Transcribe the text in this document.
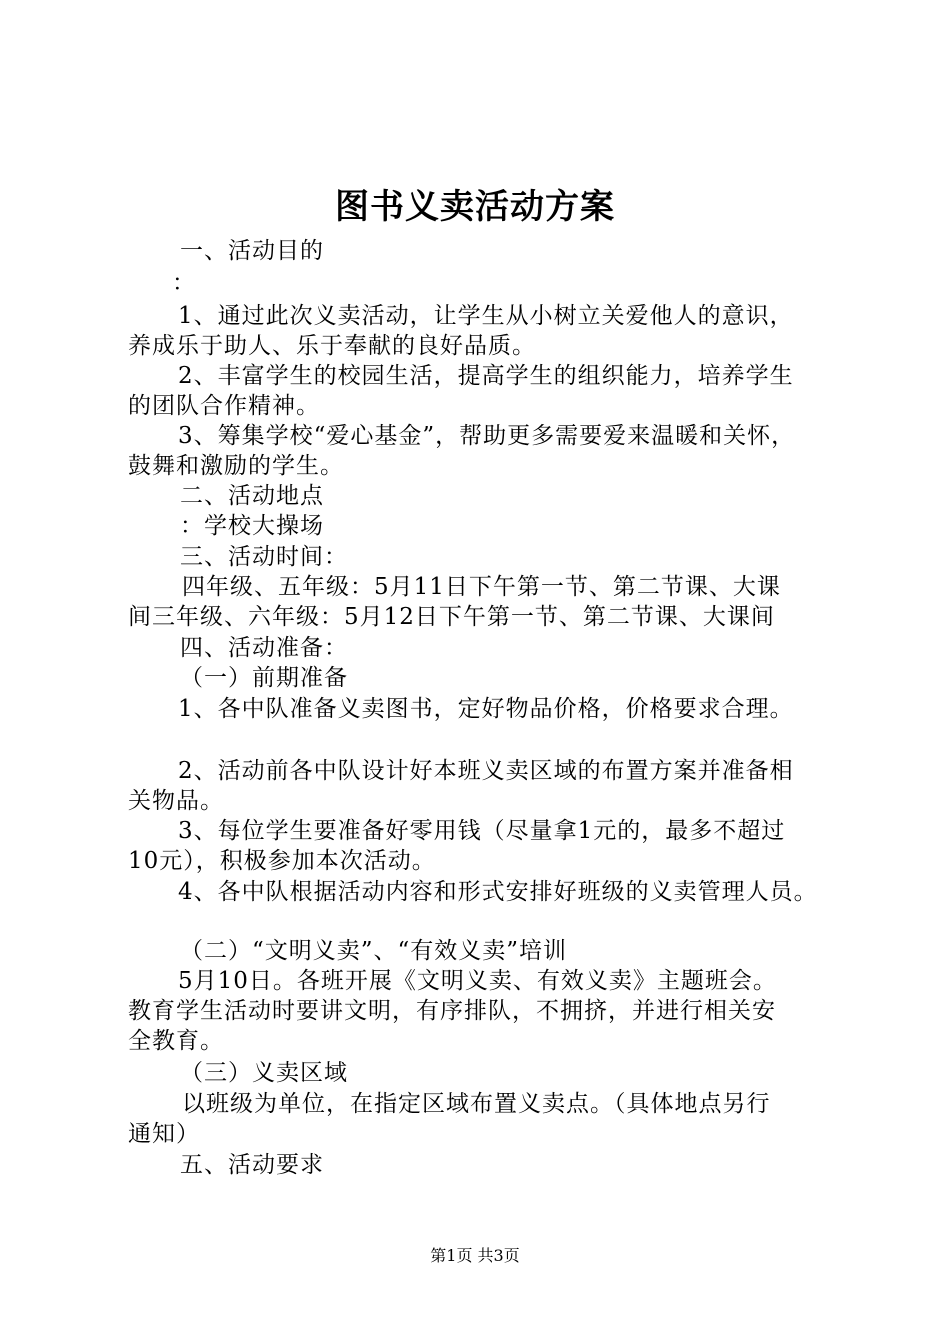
图书义卖活动方案
一、活动目的
：
1、通过此次义卖活动，让学生从小树立关爱他人的意识，
养成乐于助人、乐于奉献的良好品质。
2、丰富学生的校园生活，提高学生的组织能力，培养学生
的团队合作精神。
3、筹集学校“爱心基金”，帮助更多需要爱来温暖和关怀，
鼓舞和激励的学生。
二、活动地点
：学校大操场
三、活动时间：
四年级、五年级：5月11日下午第一节、第二节课、大课
间三年级、六年级：5月12日下午第一节、第二节课、大课间
四、活动准备：
（一）前期准备
1、各中队准备义卖图书，定好物品价格，价格要求合理。
2、活动前各中队设计好本班义卖区域的布置方案并准备相
关物品。
3、每位学生要准备好零用钱（尽量拿1元的，最多不超过
10元），积极参加本次活动。
4、各中队根据活动内容和形式安排好班级的义卖管理人员。
（二）“文明义卖”、“有效义卖”培训
5月10日。各班开展《文明义卖、有效义卖》主题班会。
教育学生活动时要讲文明，有序排队，不拥挤，并进行相关安
全教育。
（三）义卖区域
以班级为单位，在指定区域布置义卖点。（具体地点另行
通知）
五、活动要求
第1页 共3页
